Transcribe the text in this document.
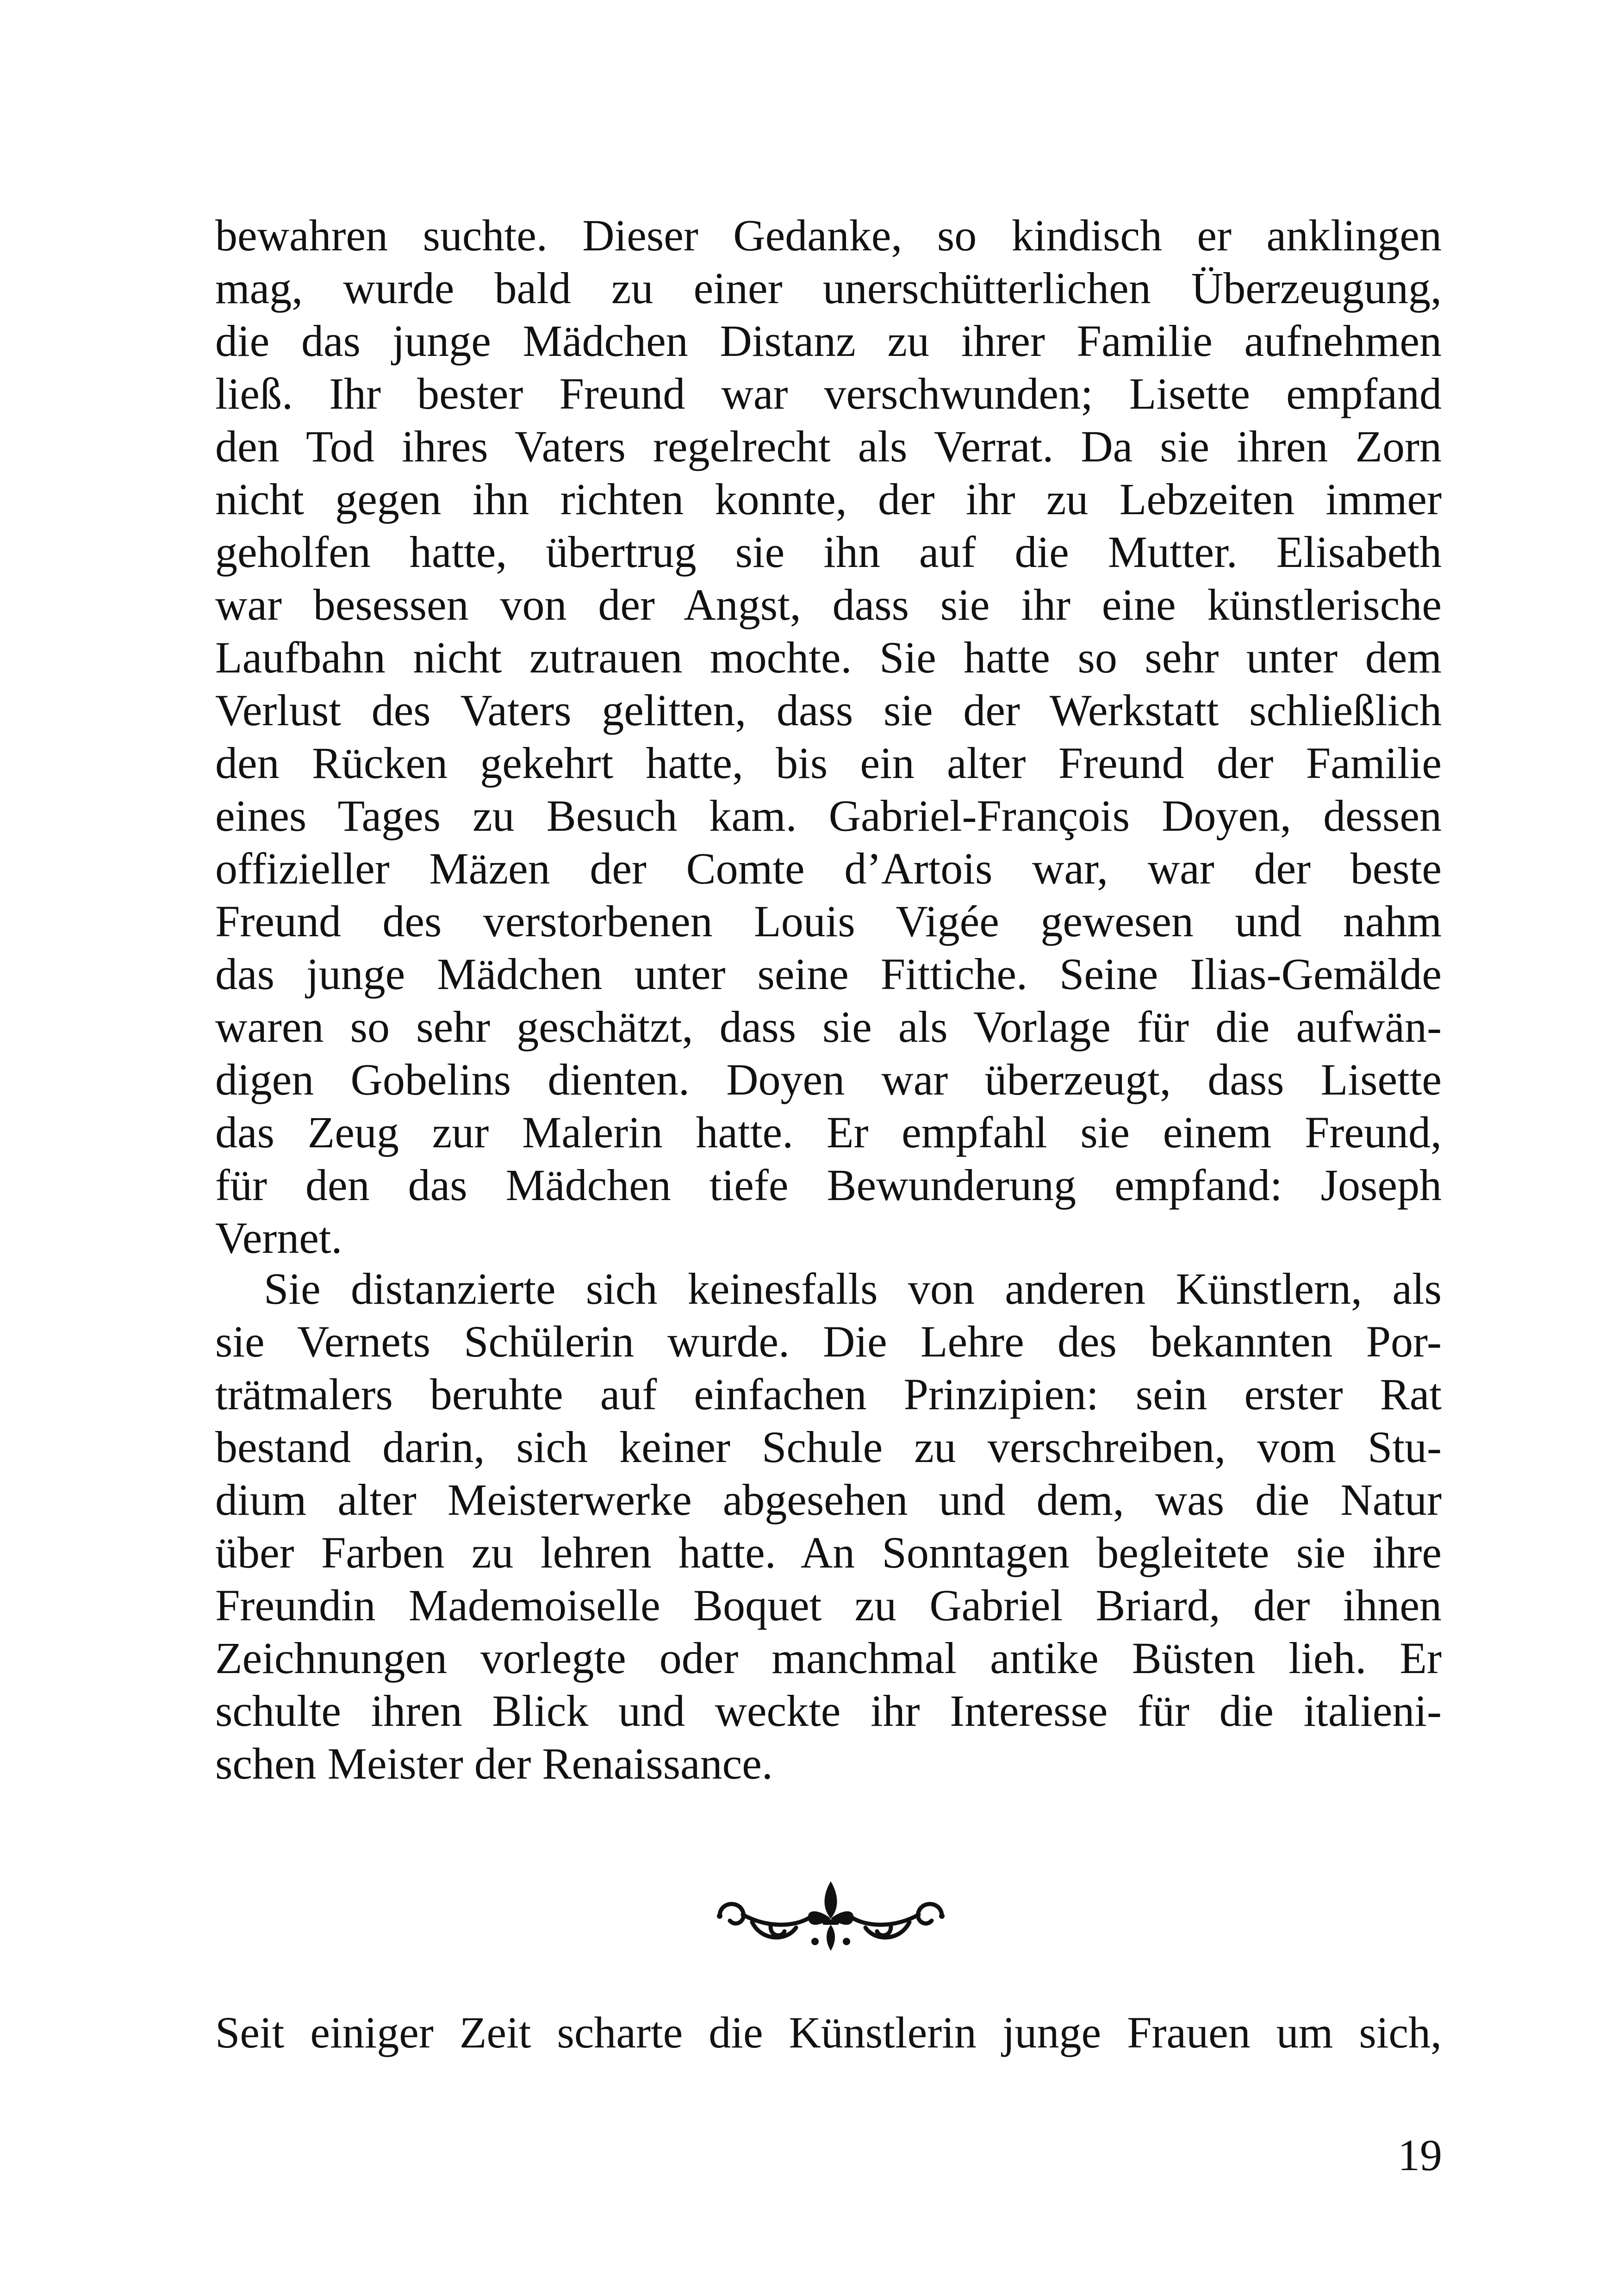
bewahren suchte. Dieser Gedanke, so kindisch er anklingen
mag, wurde bald zu einer unerschütterlichen Überzeugung,
die das junge Mädchen Distanz zu ihrer Familie aufnehmen
ließ. Ihr bester Freund war verschwunden; Lisette empfand
den Tod ihres Vaters regelrecht als Verrat. Da sie ihren Zorn
nicht gegen ihn richten konnte, der ihr zu Lebzeiten immer
geholfen hatte, übertrug sie ihn auf die Mutter. Elisabeth
war besessen von der Angst, dass sie ihr eine künstlerische
Laufbahn nicht zutrauen mochte. Sie hatte so sehr unter dem
Verlust des Vaters gelitten, dass sie der Werkstatt schließlich
den Rücken gekehrt hatte, bis ein alter Freund der Familie
eines Tages zu Besuch kam. Gabriel-François Doyen, dessen
offizieller Mäzen der Comte d’Artois war, war der beste
Freund des verstorbenen Louis Vigée gewesen und nahm
das junge Mädchen unter seine Fittiche. Seine Ilias-Gemälde
waren so sehr geschätzt, dass sie als Vorlage für die aufwän-
digen Gobelins dienten. Doyen war überzeugt, dass Lisette
das Zeug zur Malerin hatte. Er empfahl sie einem Freund,
für den das Mädchen tiefe Bewunderung empfand: Joseph
Vernet.
Sie distanzierte sich keinesfalls von anderen Künstlern, als
sie Vernets Schülerin wurde. Die Lehre des bekannten Por-
trätmalers beruhte auf einfachen Prinzipien: sein erster Rat
bestand darin, sich keiner Schule zu verschreiben, vom Stu-
dium alter Meisterwerke abgesehen und dem, was die Natur
über Farben zu lehren hatte. An Sonntagen begleitete sie ihre
Freundin Mademoiselle Boquet zu Gabriel Briard, der ihnen
Zeichnungen vorlegte oder manchmal antike Büsten lieh. Er
schulte ihren Blick und weckte ihr Interesse für die italieni-
schen Meister der Renaissance.
Seit einiger Zeit scharte die Künstlerin junge Frauen um sich,
19
